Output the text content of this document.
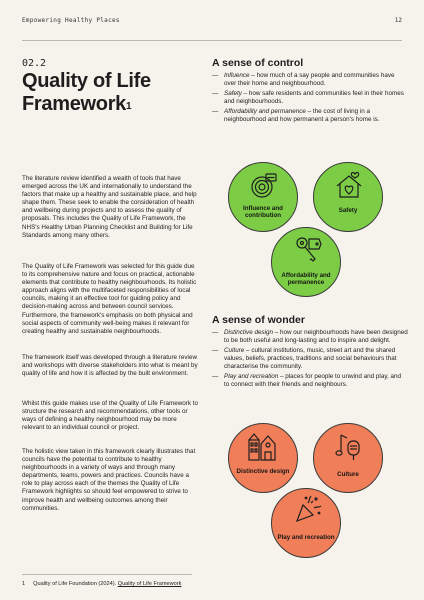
Empowering Healthy Places	12
02.2
Quality of Life Framework$^1$

The literature review identified a wealth of tools that have emerged across the UK and internationally to understand the factors that make up a healthy and sustainable place, and help shape them. These seek to enable the consideration of health and wellbeing during projects and to assess the quality of proposals. This includes the Quality of Life Framework, the NHS's Healthy Urban Planning Checklist and Building for Life Standards among many others.

The Quality of Life Framework was selected for this guide due to its comprehensive nature and focus on practical, actionable elements that contribute to healthy neighbourhoods. Its holistic approach aligns with the multifaceted responsibilities of local councils, making it an effective tool for guiding policy and decision-making across and between council services. Furthermore, the framework's emphasis on both physical and social aspects of community well-being makes it relevant for creating healthy and sustainable neighbourhoods.

The framework itself was developed through a literature review and workshops with diverse stakeholders into what is meant by quality of life and how it is affected by the built environment.

Whilst this guide makes use of the Quality of Life Framework to structure the research and recommendations, other tools or ways of defining a healthy neighbourhood may be more relevant to an individual council or project.

The holistic view taken in this framework clearly illustrates that councils have the potential to contribute to healthy neighbourhoods in a variety of ways and through many departments, teams, powers and practices. Councils have a role to play across each of the themes the Quality of Life Framework highlights so should feel empowered to strive to improve health and wellbeing outcomes among their communities.

A sense of control
— Influence – how much of a say people and communities have over their home and neighbourhood.
— Safety – how safe residents and communities feel in their homes and neighbourhoods.
— Affordability and permanence – the cost of living in a neighbourhood and how permanent a person's home is.
Influence and contribution
Safety
Affordability and permanence
A sense of wonder
— Distinctive design – how our neighbourhoods have been designed to be both useful and long-lasting and to inspire and delight.
— Culture – cultural institutions, music, street art and the shared values, beliefs, practices, traditions and social behaviours that characterise the community.
— Play and recreation – places for people to unwind and play, and to connect with their friends and neighbours.
Distinctive design	Culture
Play and recreation
1 Quality of Life Foundation (2024). Quality of Life Framework
